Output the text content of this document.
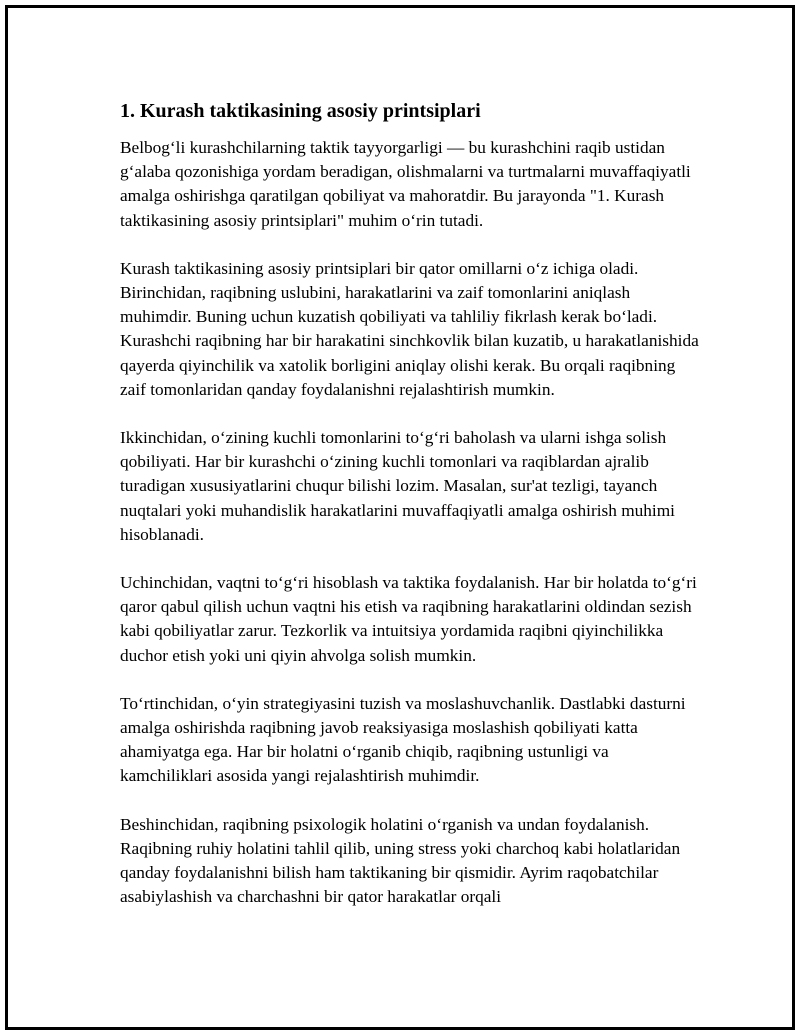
1. Kurash taktikasining asosiy printsiplari

Belbog‘li kurashchilarning taktik tayyorgarligi — bu kurashchini raqib ustidan g‘alaba qozonishiga yordam beradigan, olishmalarni va turtmalarni muvaffaqiyatli amalga oshirishga qaratilgan qobiliyat va mahoratdir. Bu jarayonda "1. Kurash taktikasining asosiy printsiplari" muhim o‘rin tutadi.

Kurash taktikasining asosiy printsiplari bir qator omillarni o‘z ichiga oladi. Birinchidan, raqibning uslubini, harakatlarini va zaif tomonlarini aniqlash muhimdir. Buning uchun kuzatish qobiliyati va tahliliy fikrlash kerak bo‘ladi. Kurashchi raqibning har bir harakatini sinchkovlik bilan kuzatib, u harakatlanishida qayerda qiyinchilik va xatolik borligini aniqlay olishi kerak. Bu orqali raqibning zaif tomonlaridan qanday foydalanishni rejalashtirish mumkin.

Ikkinchidan, o‘zining kuchli tomonlarini to‘g‘ri baholash va ularni ishga solish qobiliyati. Har bir kurashchi o‘zining kuchli tomonlari va raqiblardan ajralib turadigan xususiyatlarini chuqur bilishi lozim. Masalan, sur'at tezligi, tayanch nuqtalari yoki muhandislik harakatlarini muvaffaqiyatli amalga oshirish muhimi hisoblanadi.

Uchinchidan, vaqtni to‘g‘ri hisoblash va taktika foydalanish. Har bir holatda to‘g‘ri qaror qabul qilish uchun vaqtni his etish va raqibning harakatlarini oldindan sezish kabi qobiliyatlar zarur. Tezkorlik va intuitsiya yordamida raqibni qiyinchilikka duchor etish yoki uni qiyin ahvolga solish mumkin.

To‘rtinchidan, o‘yin strategiyasini tuzish va moslashuvchanlik. Dastlabki dasturni amalga oshirishda raqibning javob reaksiyasiga moslashish qobiliyati katta ahamiyatga ega. Har bir holatni o‘rganib chiqib, raqibning ustunligi va kamchiliklari asosida yangi rejalashtirish muhimdir.

Beshinchidan, raqibning psixologik holatini o‘rganish va undan foydalanish. Raqibning ruhiy holatini tahlil qilib, uning stress yoki charchoq kabi holatlaridan qanday foydalanishni bilish ham taktikaning bir qismidir. Ayrim raqobatchilar asabiylashish va charchashni bir qator harakatlar orqali
